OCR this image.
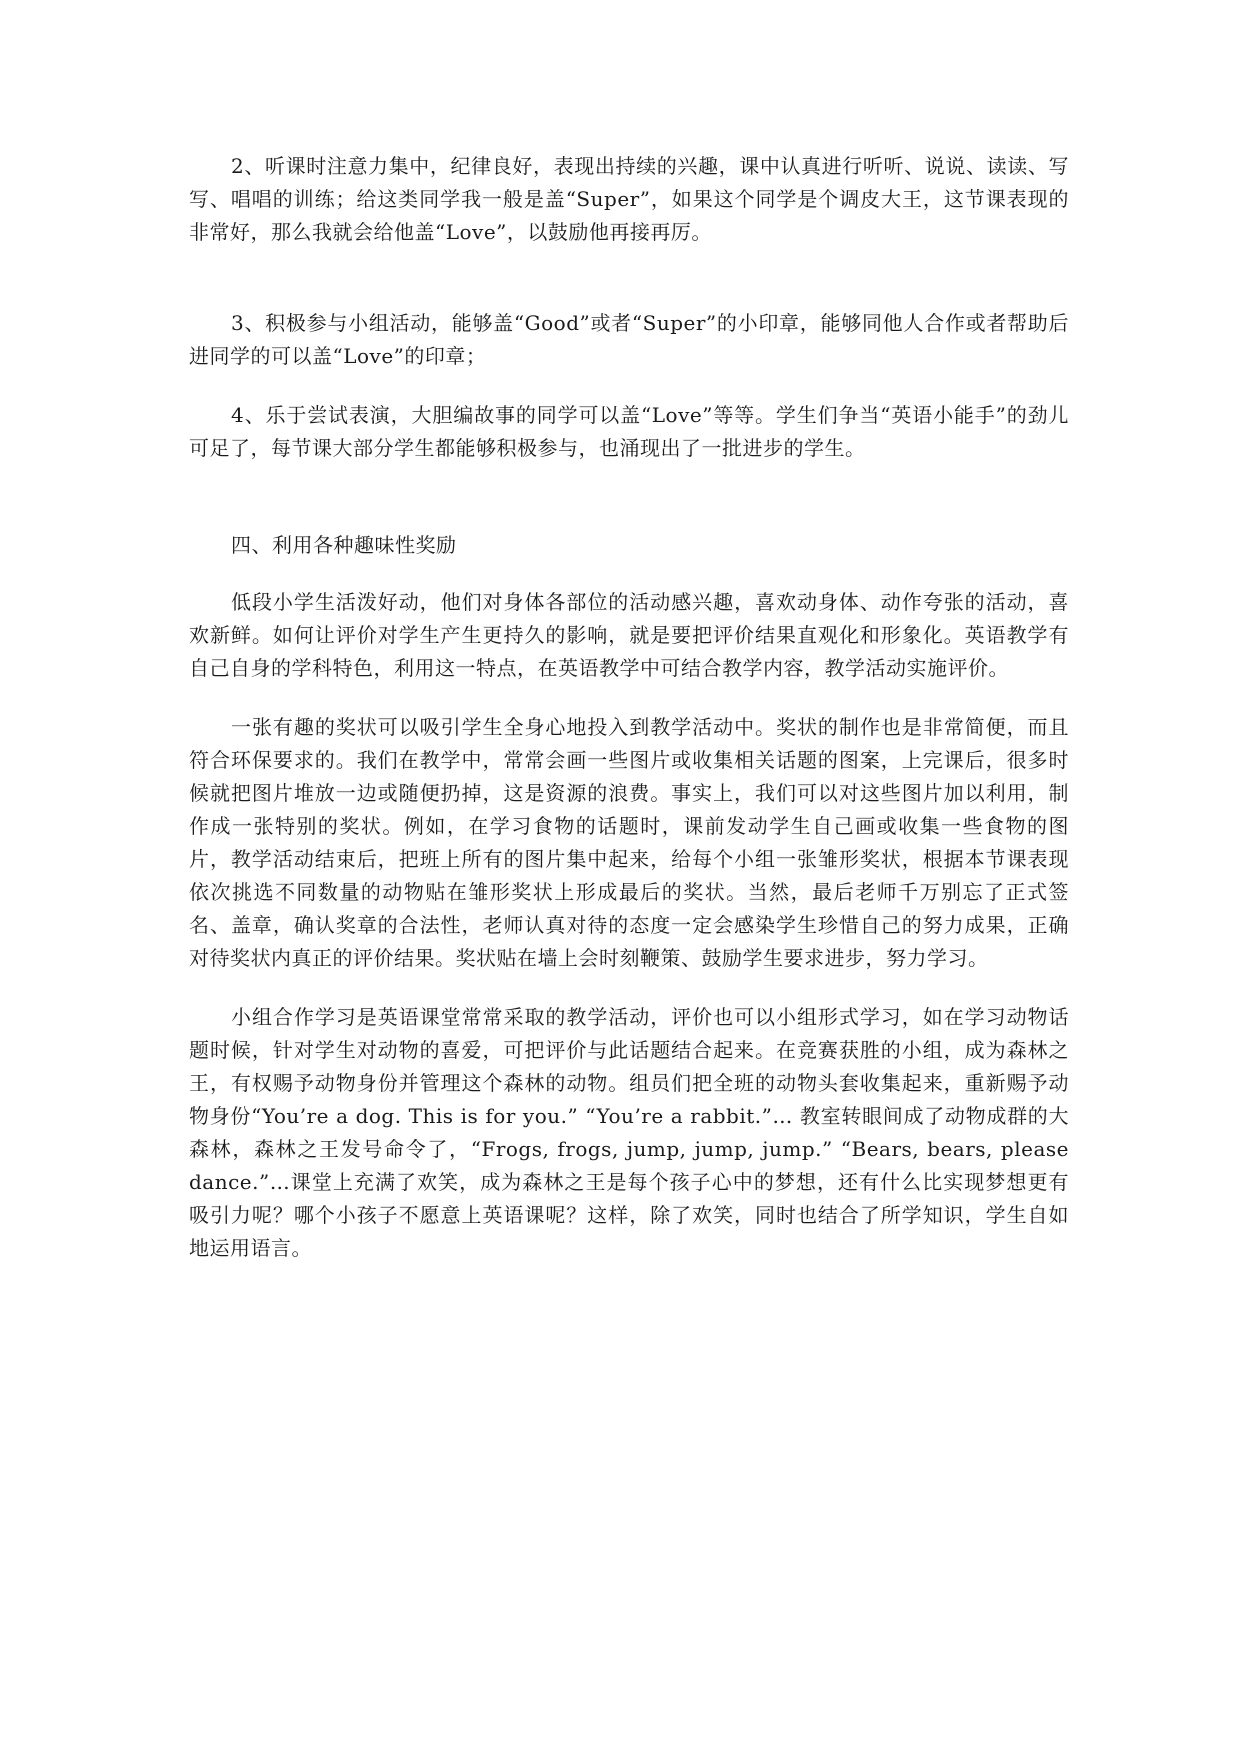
2、听课时注意力集中，纪律良好，表现出持续的兴趣，课中认真进行听听、说说、读读、写写、唱唱的训练；给这类同学我一般是盖“Super”，如果这个同学是个调皮大王，这节课表现的非常好，那么我就会给他盖“Love”，以鼓励他再接再厉。

3、积极参与小组活动，能够盖“Good”或者“Super”的小印章，能够同他人合作或者帮助后进同学的可以盖“Love”的印章；

4、乐于尝试表演，大胆编故事的同学可以盖“Love”等等。学生们争当“英语小能手”的劲儿可足了，每节课大部分学生都能够积极参与，也涌现出了一批进步的学生。

四、利用各种趣味性奖励

低段小学生活泼好动，他们对身体各部位的活动感兴趣，喜欢动身体、动作夸张的活动，喜欢新鲜。如何让评价对学生产生更持久的影响，就是要把评价结果直观化和形象化。英语教学有自己自身的学科特色，利用这一特点，在英语教学中可结合教学内容，教学活动实施评价。

一张有趣的奖状可以吸引学生全身心地投入到教学活动中。奖状的制作也是非常简便，而且符合环保要求的。我们在教学中，常常会画一些图片或收集相关话题的图案，上完课后，很多时候就把图片堆放一边或随便扔掉，这是资源的浪费。事实上，我们可以对这些图片加以利用，制作成一张特别的奖状。例如，在学习食物的话题时，课前发动学生自己画或收集一些食物的图片，教学活动结束后，把班上所有的图片集中起来，给每个小组一张雏形奖状，根据本节课表现依次挑选不同数量的动物贴在雏形奖状上形成最后的奖状。当然，最后老师千万别忘了正式签名、盖章，确认奖章的合法性，老师认真对待的态度一定会感染学生珍惜自己的努力成果，正确对待奖状内真正的评价结果。奖状贴在墙上会时刻鞭策、鼓励学生要求进步，努力学习。

小组合作学习是英语课堂常常采取的教学活动，评价也可以小组形式学习，如在学习动物话题时候，针对学生对动物的喜爱，可把评价与此话题结合起来。在竞赛获胜的小组，成为森林之王，有权赐予动物身份并管理这个森林的动物。组员们把全班的动物头套收集起来，重新赐予动物身份“You’re a dog. This is for you.” “You’re a rabbit.”… 教室转眼间成了动物成群的大森林，森林之王发号命令了，“Frogs, frogs, jump, jump, jump.” “Bears, bears, please dance.”…课堂上充满了欢笑，成为森林之王是每个孩子心中的梦想，还有什么比实现梦想更有吸引力呢？哪个小孩子不愿意上英语课呢？这样，除了欢笑，同时也结合了所学知识，学生自如地运用语言。
